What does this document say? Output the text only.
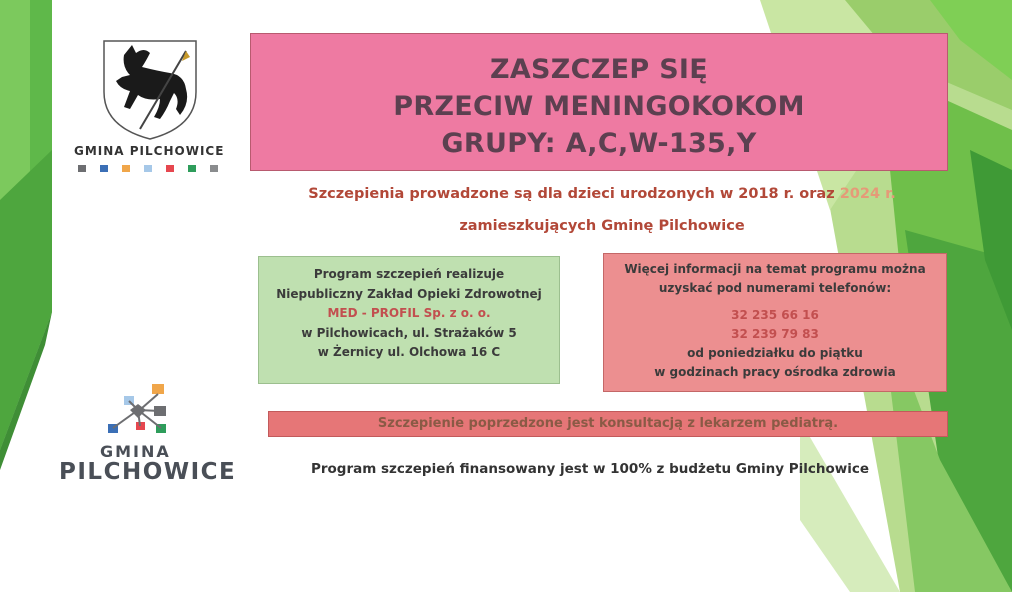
GMINA PILCHOWICE
GMINA
PILCHOWICE
ZASZCZEP SIĘ
PRZECIW MENINGOKOKOM
GRUPY: A,C,W-135,Y
Szczepienia prowadzone są dla dzieci urodzonych w 2018 r. oraz 2024 r.
zamieszkujących Gminę Pilchowice
Program szczepień realizuje
Niepubliczny Zakład Opieki Zdrowotnej
MED - PROFIL Sp. z o. o.
w Pilchowicach, ul. Strażaków 5
w Żernicy ul. Olchowa 16 C
Więcej informacji na temat programu można
uzyskać pod numerami telefonów:
32 235 66 16
32 239 79 83
od poniedziałku do piątku
w godzinach pracy ośrodka zdrowia
Szczepienie poprzedzone jest konsultacją z lekarzem pediatrą.
Program szczepień finansowany jest w 100% z budżetu Gminy Pilchowice
